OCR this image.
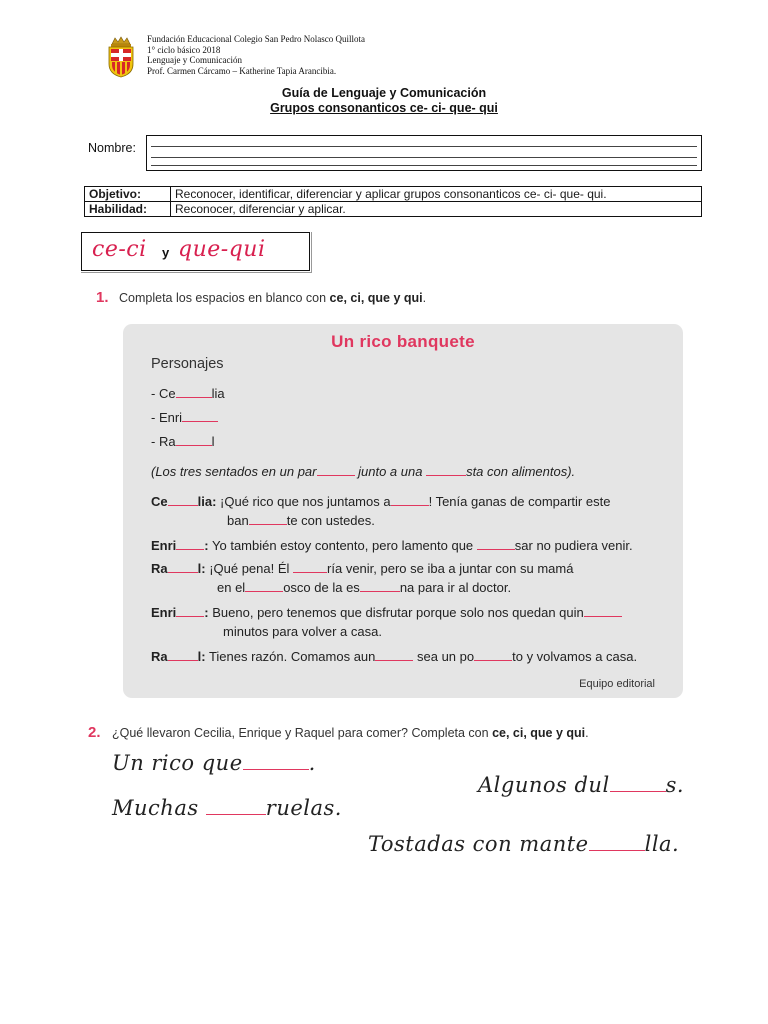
Fundación Educacional Colegio San Pedro Nolasco Quillota
1° ciclo básico 2018
Lenguaje y Comunicación
Prof. Carmen Cárcamo – Katherine Tapia Arancibia.
Guía de Lenguaje y Comunicación
Grupos consonanticos ce- ci- que- qui
Nombre:
Objetivo:	Reconocer, identificar, diferenciar y aplicar grupos consonanticos ce- ci- que- qui.
Habilidad:	Reconocer, diferenciar y aplicar.
ce-ci y que-qui
1. Completa los espacios en blanco con ce, ci, que y qui.
Un rico banquete
Personajes
- Ce	lia
- Enri
- Ra	l
(Los tres sentados en un par	junto a una	sta con alimentos).
Ce lia: ¡Qué rico que nos juntamos a	! Tenía ganas de compartir este
ban	te con ustedes.
Enri : Yo también estoy contento, pero lamento que	sar no pudiera venir.
Ra l: ¡Qué pena! Él	ría venir, pero se iba a juntar con su mamá
en el	osco de la es	na para ir al doctor.
Enri : Bueno, pero tenemos que disfrutar porque solo nos quedan quin
minutos para volver a casa.
Ra l: Tienes razón. Comamos aun	sea un po	to y volvamos a casa.
Equipo editorial
2. ¿Qué llevaron Cecilia, Enrique y Raquel para comer? Completa con ce, ci, que y qui.
Un rico que	.
Algunos dul	s.
Muchas	ruelas.
Tostadas con mante	lla.
